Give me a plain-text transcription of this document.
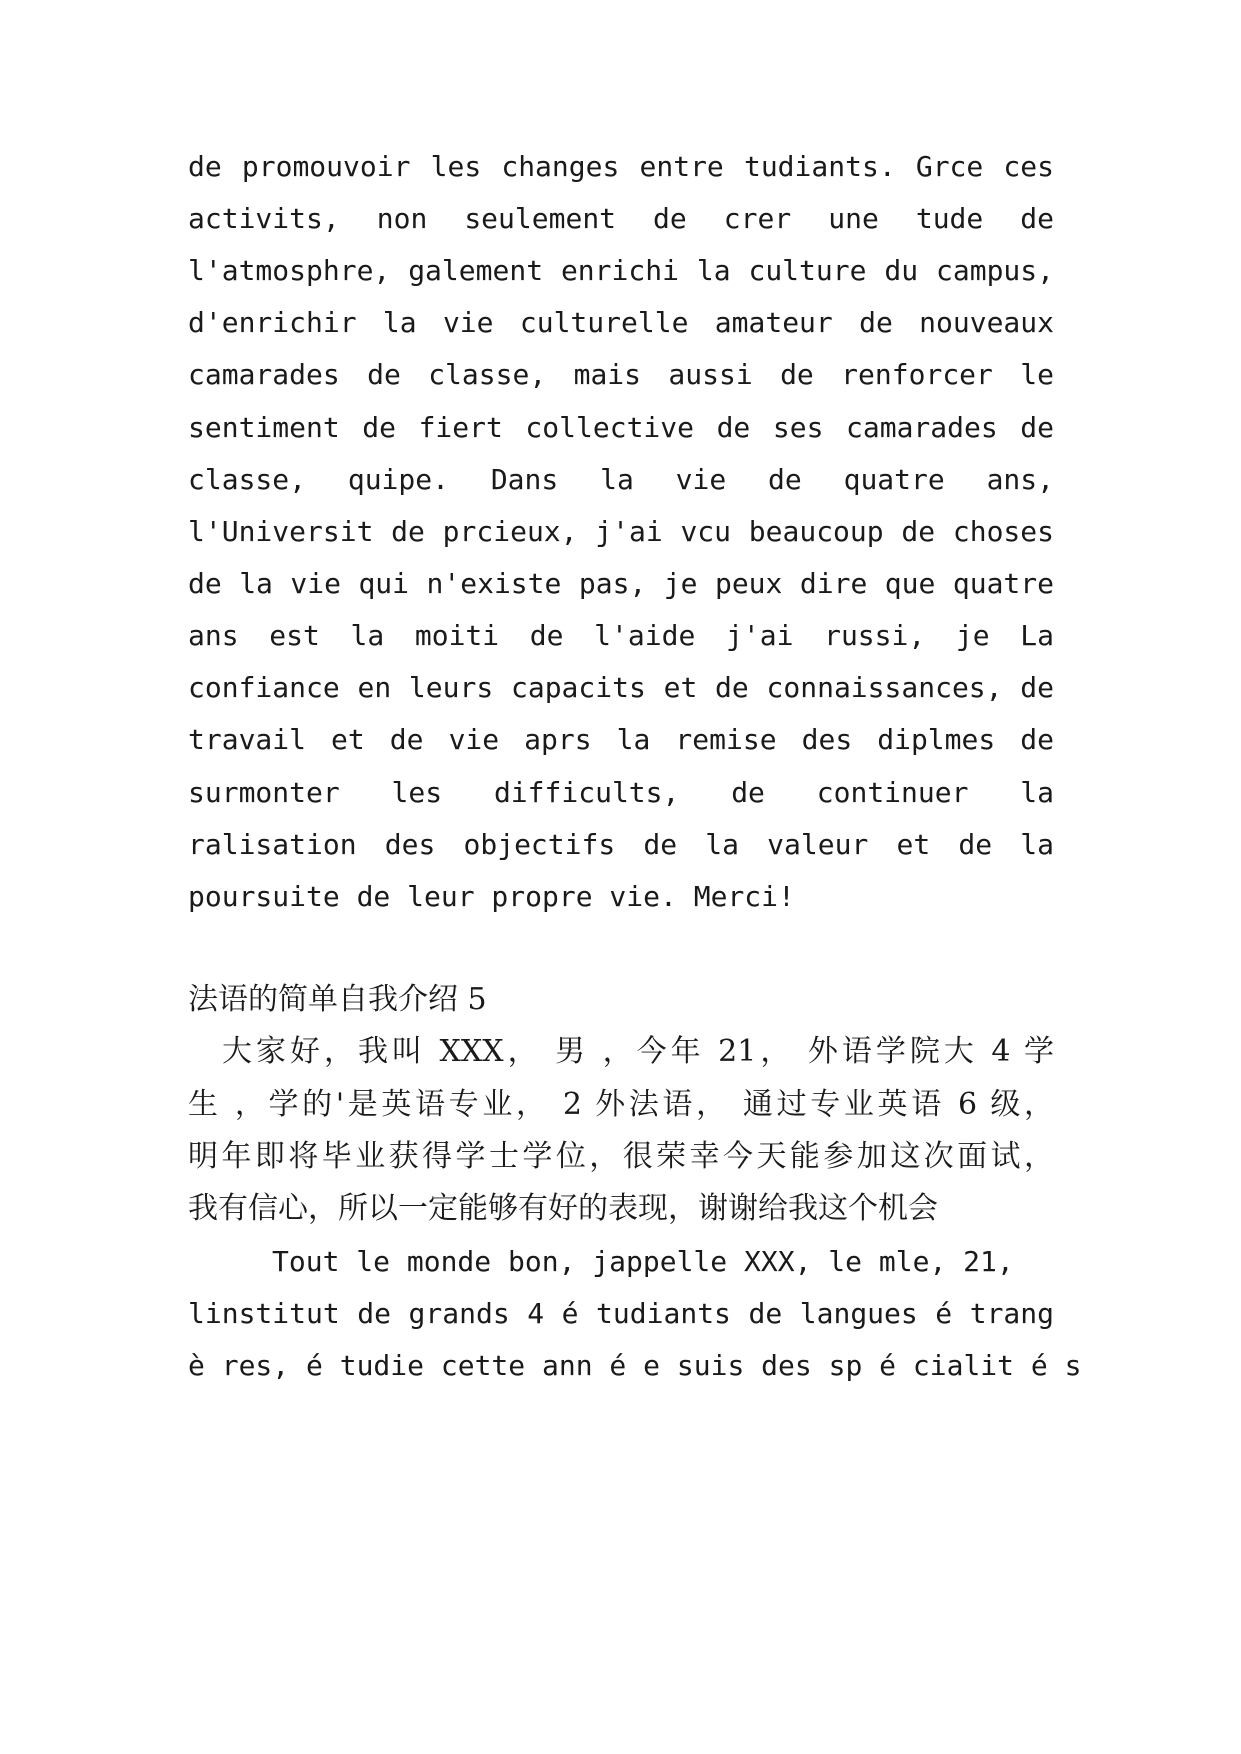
de promouvoir les changes entre tudiants. Grce ces

activits, non seulement de crer une tude de

l'atmosphre, galement enrichi la culture du campus,

d'enrichir la vie culturelle amateur de nouveaux

camarades de classe, mais aussi de renforcer le

sentiment de fiert collective de ses camarades de

classe, quipe. Dans la vie de quatre ans,

l'Universit de prcieux, j'ai vcu beaucoup de choses

de la vie qui n'existe pas, je peux dire que quatre

ans est la moiti de l'aide j'ai russi, je La

confiance en leurs capacits et de connaissances, de

travail et de vie aprs la remise des diplmes de

surmonter les difficults, de continuer la

ralisation des objectifs de la valeur et de la

poursuite de leur propre vie. Merci!

法语的简单自我介绍 5

　大家好，我叫 XXX， 男 ，今年 21， 外语学院大 4 学

生 ，学的'是英语专业， 2 外法语， 通过专业英语 6 级，

明年即将毕业获得学士学位，很荣幸今天能参加这次面试，

我有信心，所以一定能够有好的表现，谢谢给我这个机会

　　　Tout le monde bon, jappelle XXX, le mle, 21,

linstitut de grands 4 é tudiants de langues é trang

è res, é tudie cette ann é e suis des sp é cialit é s
